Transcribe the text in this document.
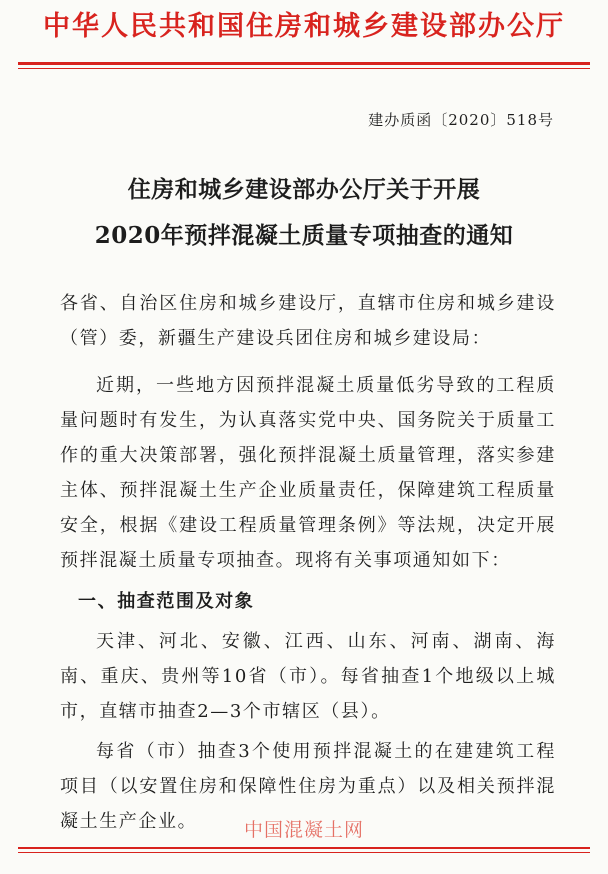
中华人民共和国住房和城乡建设部办公厅
建办质函〔2020〕518号
住房和城乡建设部办公厅关于开展
2020年预拌混凝土质量专项抽查的通知
各省、自治区住房和城乡建设厅，直辖市住房和城乡建设（管）委，新疆生产建设兵团住房和城乡建设局：
近期，一些地方因预拌混凝土质量低劣导致的工程质量问题时有发生，为认真落实党中央、国务院关于质量工作的重大决策部署，强化预拌混凝土质量管理，落实参建主体、预拌混凝土生产企业质量责任，保障建筑工程质量安全，根据《建设工程质量管理条例》等法规，决定开展预拌混凝土质量专项抽查。现将有关事项通知如下：
一、抽查范围及对象
天津、河北、安徽、江西、山东、河南、湖南、海南、重庆、贵州等10省（市）。每省抽查1个地级以上城市，直辖市抽查2—3个市辖区（县）。
每省（市）抽查3个使用预拌混凝土的在建建筑工程项目（以安置住房和保障性住房为重点）以及相关预拌混凝土生产企业。	中国混凝土网
